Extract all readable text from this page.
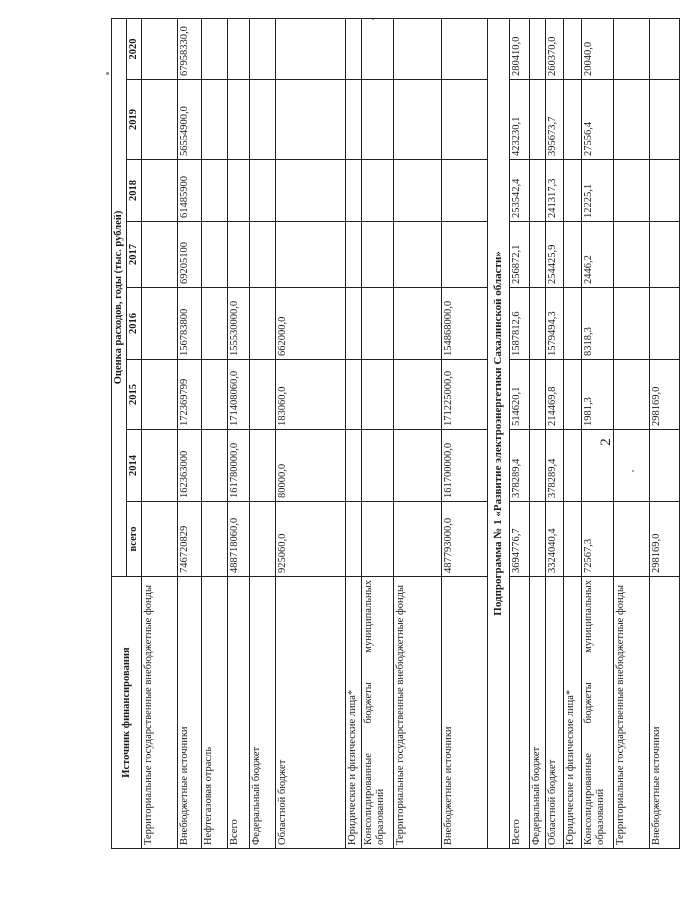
2
Источник финансирования	Оценка расходов, годы (тыс. рублей)							
	всего	2014	2015	2016	2017	2018	2019	2020
Территориальные государственные внебюджетные фонды								
Внебюджетные источники	746720829	162363000	172369799	156783800	69205100	61485900	56554900,0	67958330,0
Нефтегазовая отрасль								
Всего	488718060,0	161780000,0	171408060,0	155530000,0				
Федеральный бюджет								
Областной бюджет	925060,0	80000,0	183060,0	662000,0				
Юридические и физические лица*								
Консолидированные бюджеты муниципальных образований								
Территориальные государственные внебюджетные фонды								
Внебюджетные источники	487793000,0	161700000,0	171225000,0	154868000,0				
Подпрограмма № 1 «Развитие электроэнергетики Сахалинской области»								
Всего	3694776,7	378289,4	514620,1	1587812,6	256872,1	253542,4	423230,1	280410,0
Федеральный бюджет								
Областной бюджет	3324040,4	378289,4	214469,8	1579494,3	254425,9	241317,3	395673,7	260370,0
Юридические и физические лица*								
Консолидированные бюджеты муниципальных образований	72567,3		1981,3	8318,3	2446,2	12225,1	27556,4	20040,0
Территориальные государственные внебюджетные фонды								
Внебюджетные источники	298169,0		298169,0					
